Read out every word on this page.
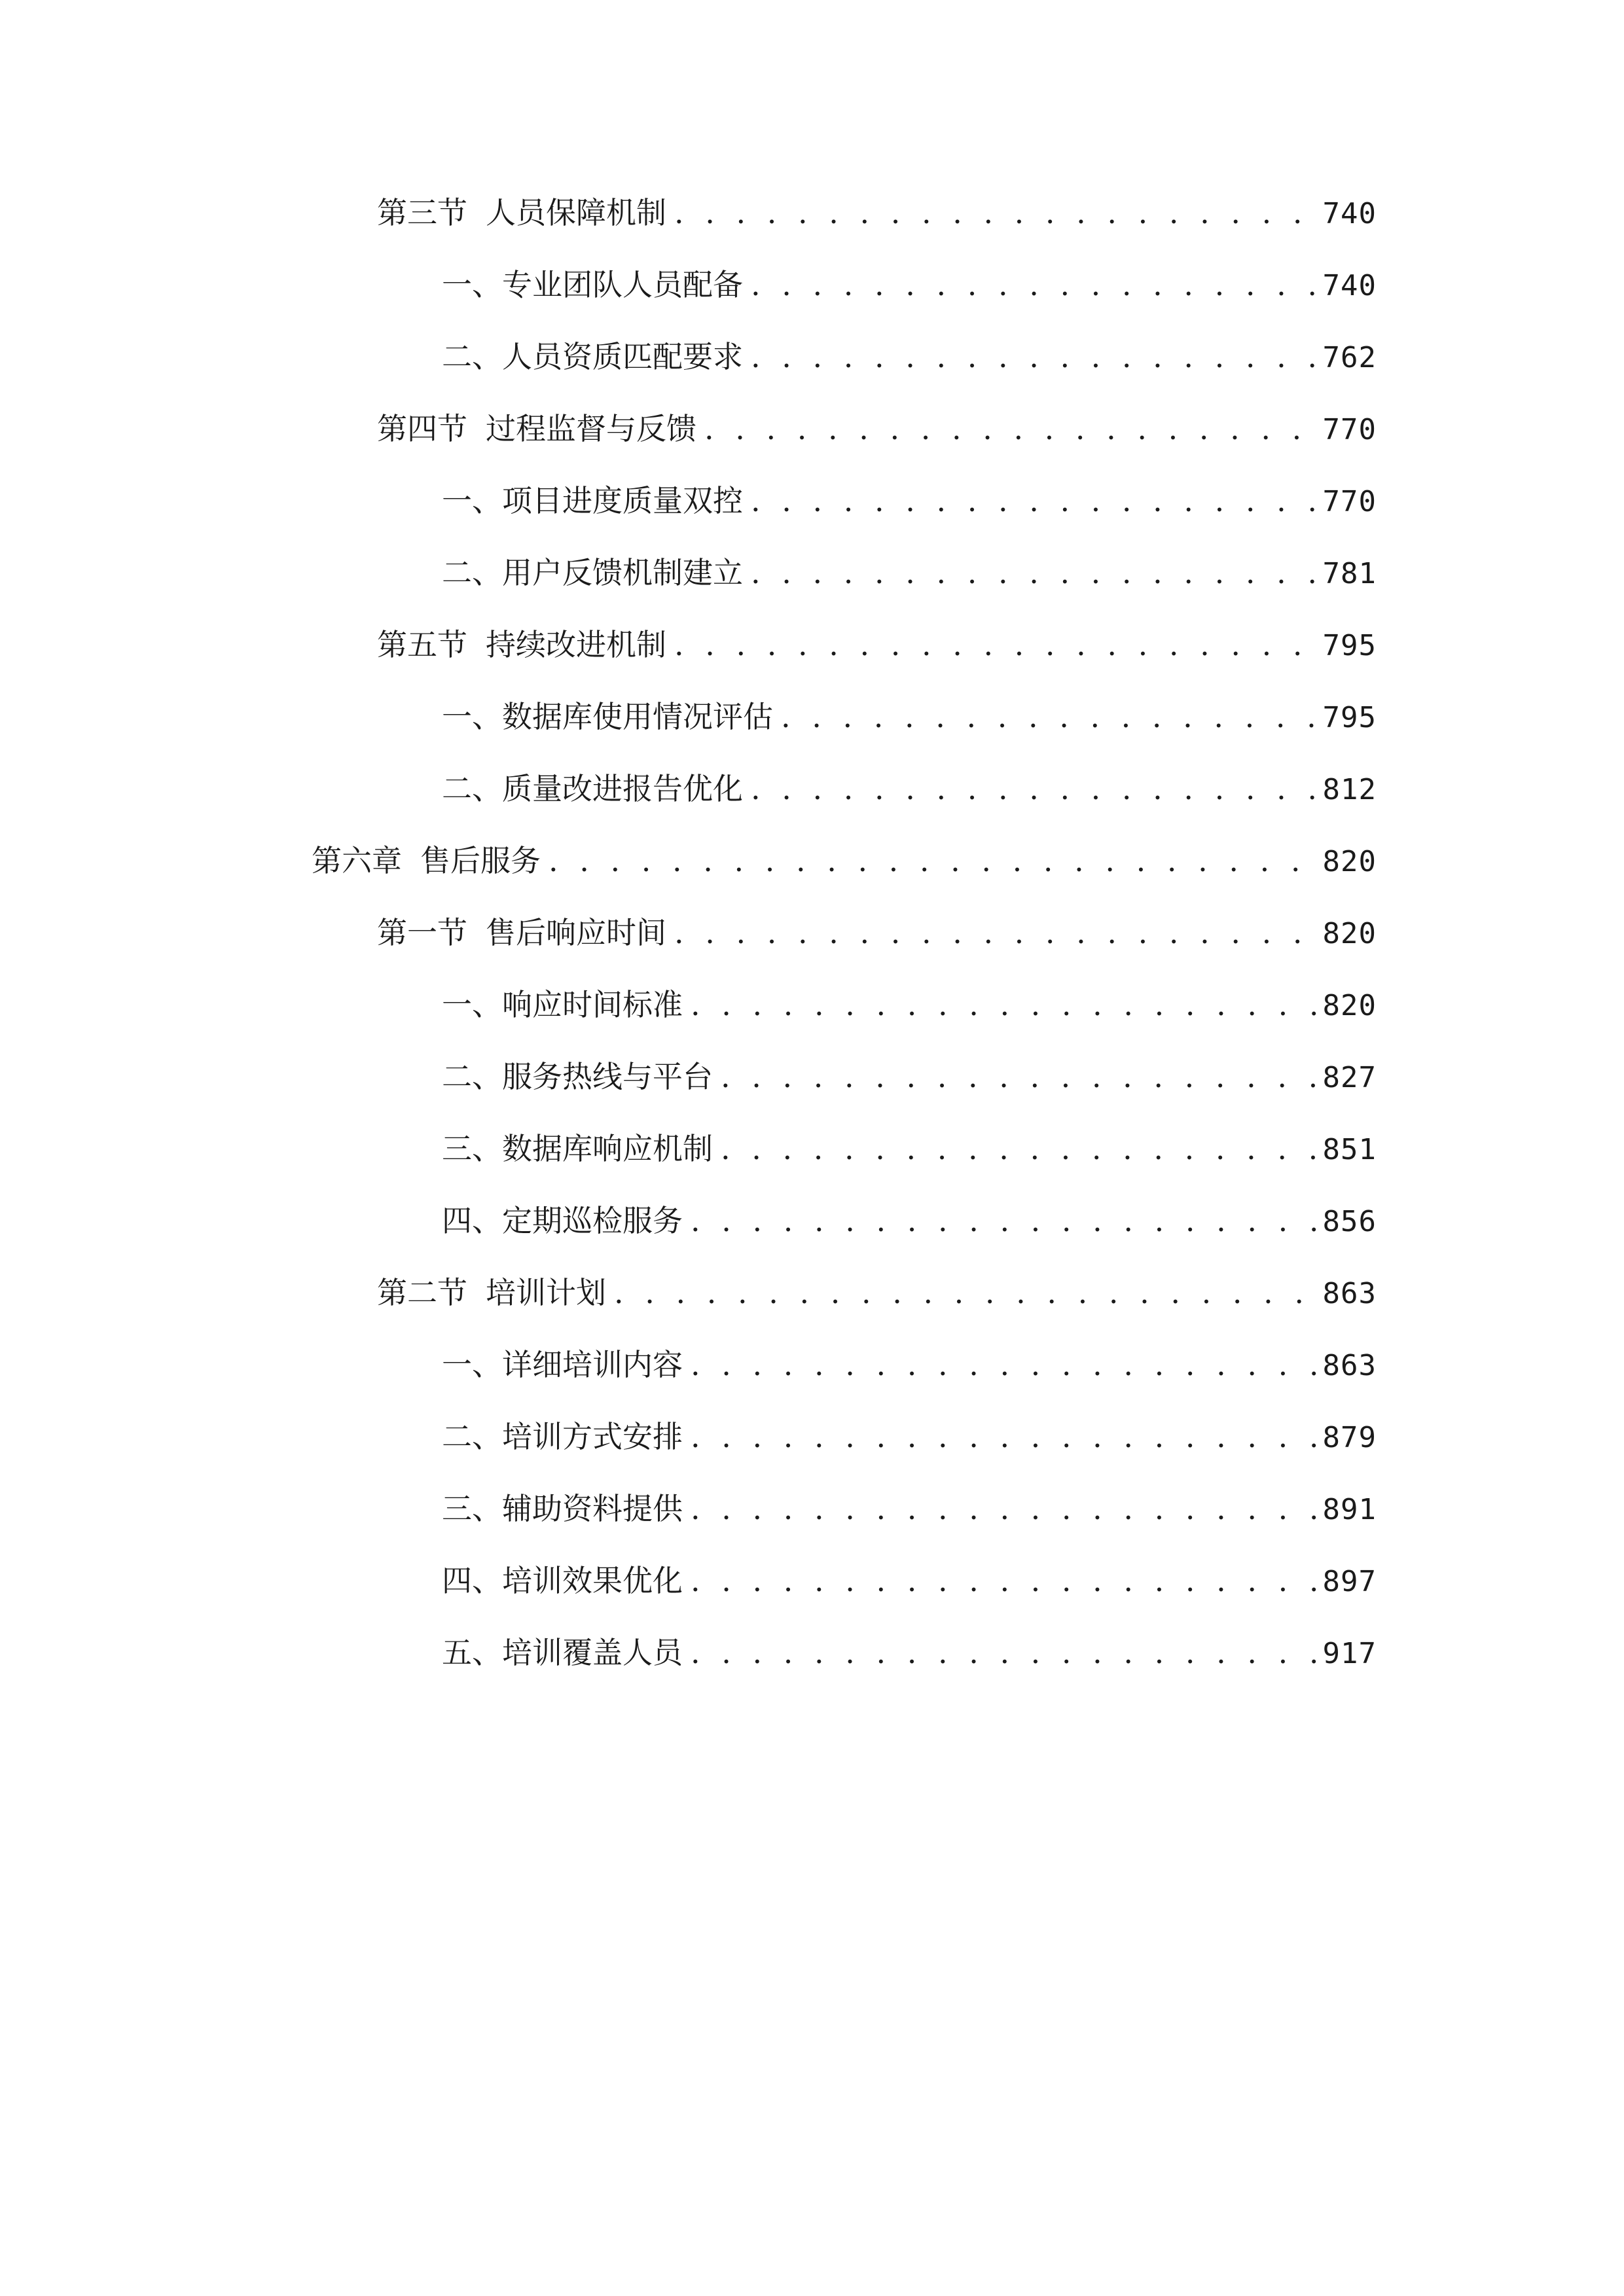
第三节 人员保障机制 . . .	740
一、 专业团队人员配备 . . .	740
二、 人员资质匹配要求 . . .	762
第四节 过程监督与反馈 . . .	770
一、 项目进度质量双控 . . .	770
二、 用户反馈机制建立 . . .	781
第五节 持续改进机制 . . .	795
一、 数据库使用情况评估 . . .	795
二、 质量改进报告优化 . . .	812
第六章 售后服务 . . .	820
第一节 售后响应时间 . . .	820
一、 响应时间标准 . . .	820
二、 服务热线与平台 . . .	827
三、 数据库响应机制 . . .	851
四、 定期巡检服务 . . .	856
第二节 培训计划 . . .	863
一、 详细培训内容 . . .	863
二、 培训方式安排 . . .	879
三、 辅助资料提供 . . .	891
四、 培训效果优化 . . .	897
五、 培训覆盖人员 . . .	917
